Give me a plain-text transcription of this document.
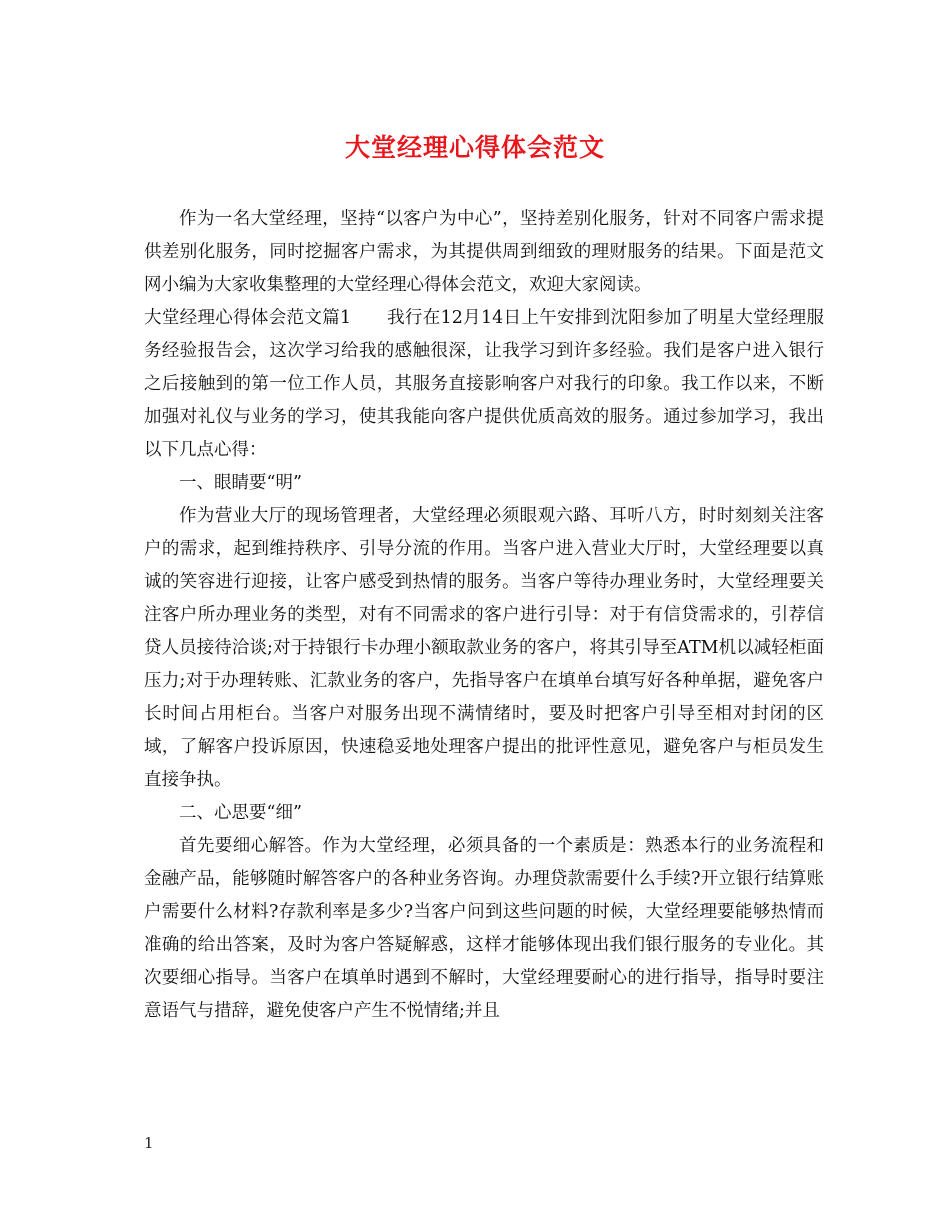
大堂经理心得体会范文

作为一名大堂经理，坚持“以客户为中心”，坚持差别化服务，针对不同客户需求提供差别化服务，同时挖掘客户需求，为其提供周到细致的理财服务的结果。下面是范文网小编为大家收集整理的大堂经理心得体会范文，欢迎大家阅读。

大堂经理心得体会范文篇1　　我行在12月14日上午安排到沈阳参加了明星大堂经理服务经验报告会，这次学习给我的感触很深，让我学习到许多经验。我们是客户进入银行之后接触到的第一位工作人员，其服务直接影响客户对我行的印象。我工作以来，不断加强对礼仪与业务的学习，使其我能向客户提供优质高效的服务。通过参加学习，我出以下几点心得：

一、眼睛要“明”

作为营业大厅的现场管理者，大堂经理必须眼观六路、耳听八方，时时刻刻关注客户的需求，起到维持秩序、引导分流的作用。当客户进入营业大厅时，大堂经理要以真诚的笑容进行迎接，让客户感受到热情的服务。当客户等待办理业务时，大堂经理要关注客户所办理业务的类型，对有不同需求的客户进行引导：对于有信贷需求的，引荐信贷人员接待洽谈;对于持银行卡办理小额取款业务的客户，将其引导至ATM机以减轻柜面压力;对于办理转账、汇款业务的客户，先指导客户在填单台填写好各种单据，避免客户长时间占用柜台。当客户对服务出现不满情绪时，要及时把客户引导至相对封闭的区域，了解客户投诉原因，快速稳妥地处理客户提出的批评性意见，避免客户与柜员发生直接争执。

二、心思要“细”

首先要细心解答。作为大堂经理，必须具备的一个素质是：熟悉本行的业务流程和金融产品，能够随时解答客户的各种业务咨询。办理贷款需要什么手续?开立银行结算账户需要什么材料?存款利率是多少?当客户问到这些问题的时候，大堂经理要能够热情而准确的给出答案，及时为客户答疑解惑，这样才能够体现出我们银行服务的专业化。其次要细心指导。当客户在填单时遇到不解时，大堂经理要耐心的进行指导，指导时要注意语气与措辞，避免使客户产生不悦情绪;并且

1
